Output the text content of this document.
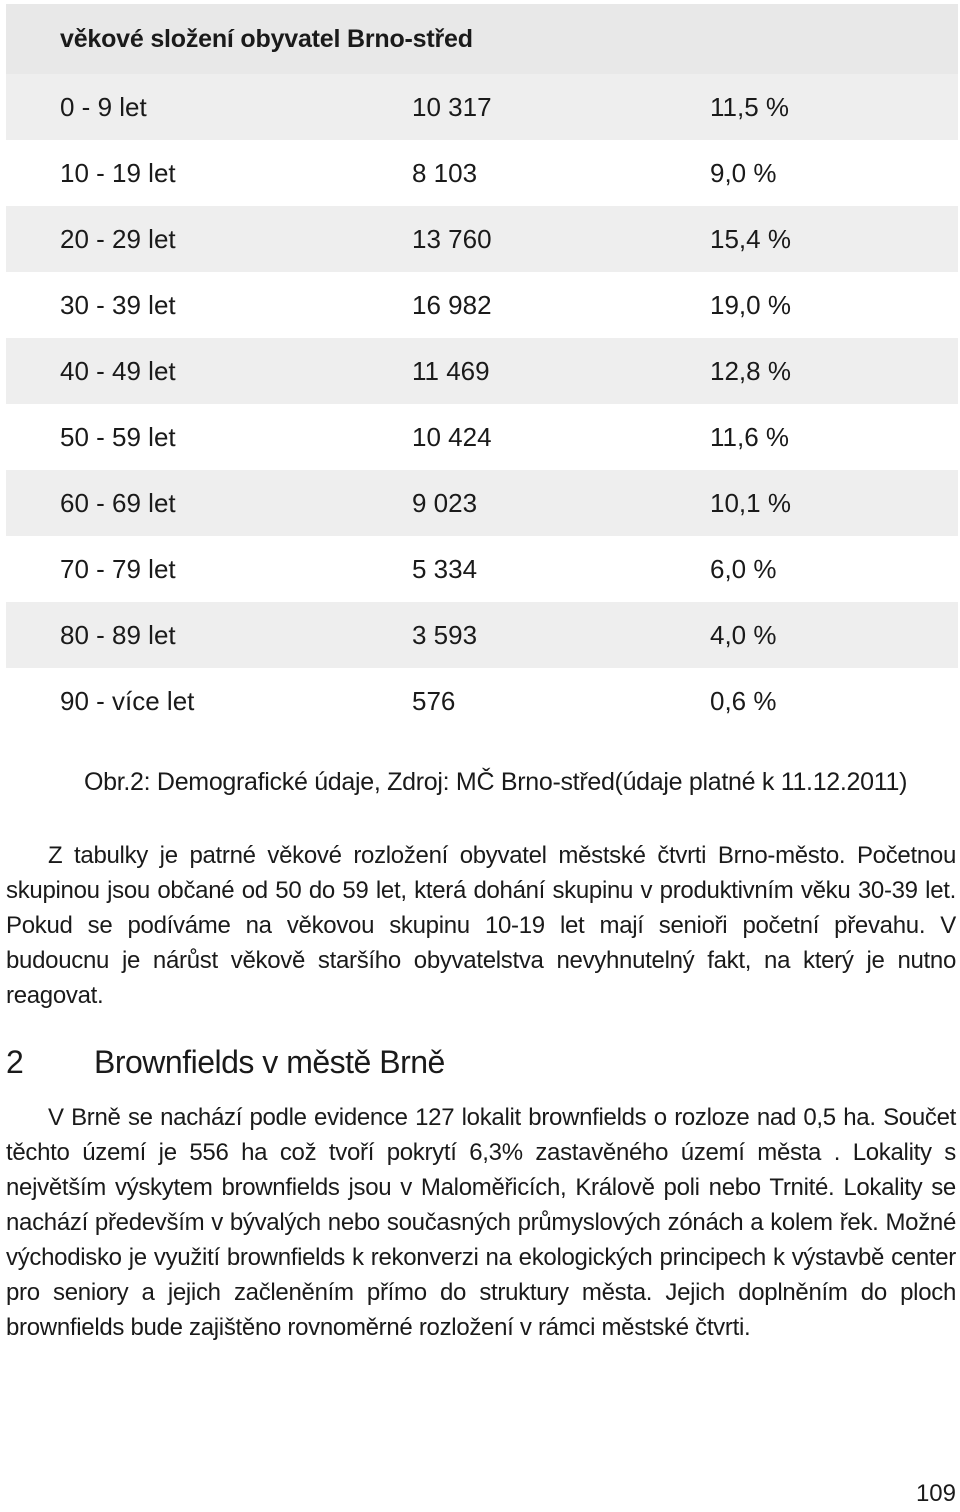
věkové složení obyvatel Brno-střed
0 - 9 let	10 317	11,5 %
10 - 19 let	8 103	9,0 %
20 - 29 let	13 760	15,4 %
30 - 39 let	16 982	19,0 %
40 - 49 let	11 469	12,8 %
50 - 59 let	10 424	11,6 %
60 - 69 let	9 023	10,1 %
70 - 79 let	5 334	6,0 %
80 - 89 let	3 593	4,0 %
90 - více let	576	0,6 %
Obr.2: Demografické údaje, Zdroj: MČ Brno-střed(údaje platné k 11.12.2011)
Z tabulky je patrné věkové rozložení obyvatel městské čtvrti Brno-město. Početnou skupinou jsou občané od 50 do 59 let, která dohání skupinu v produktivním věku 30-39 let. Pokud se podíváme na věkovou skupinu 10-19 let mají senioři početní převahu. V budoucnu je nárůst věkově staršího obyvatelstva nevyhnutelný fakt, na který je nutno reagovat.
2 Brownfields v městě Brně
V Brně se nachází podle evidence 127 lokalit brownfields o rozloze nad 0,5 ha. Součet těchto území je 556 ha což tvoří pokrytí 6,3% zastavěného území města . Lokality s největším výskytem brownfields jsou v Maloměřicích, Králově poli nebo Trnité. Lokality se nachází především v bývalých nebo současných průmyslových zónách a kolem řek. Možné východisko je využití brownfields k rekonverzi na ekologických principech k výstavbě center pro seniory a jejich začleněním přímo do struktury města. Jejich doplněním do ploch brownfields bude zajištěno rovnoměrné rozložení v rámci městské čtvrti.
109
